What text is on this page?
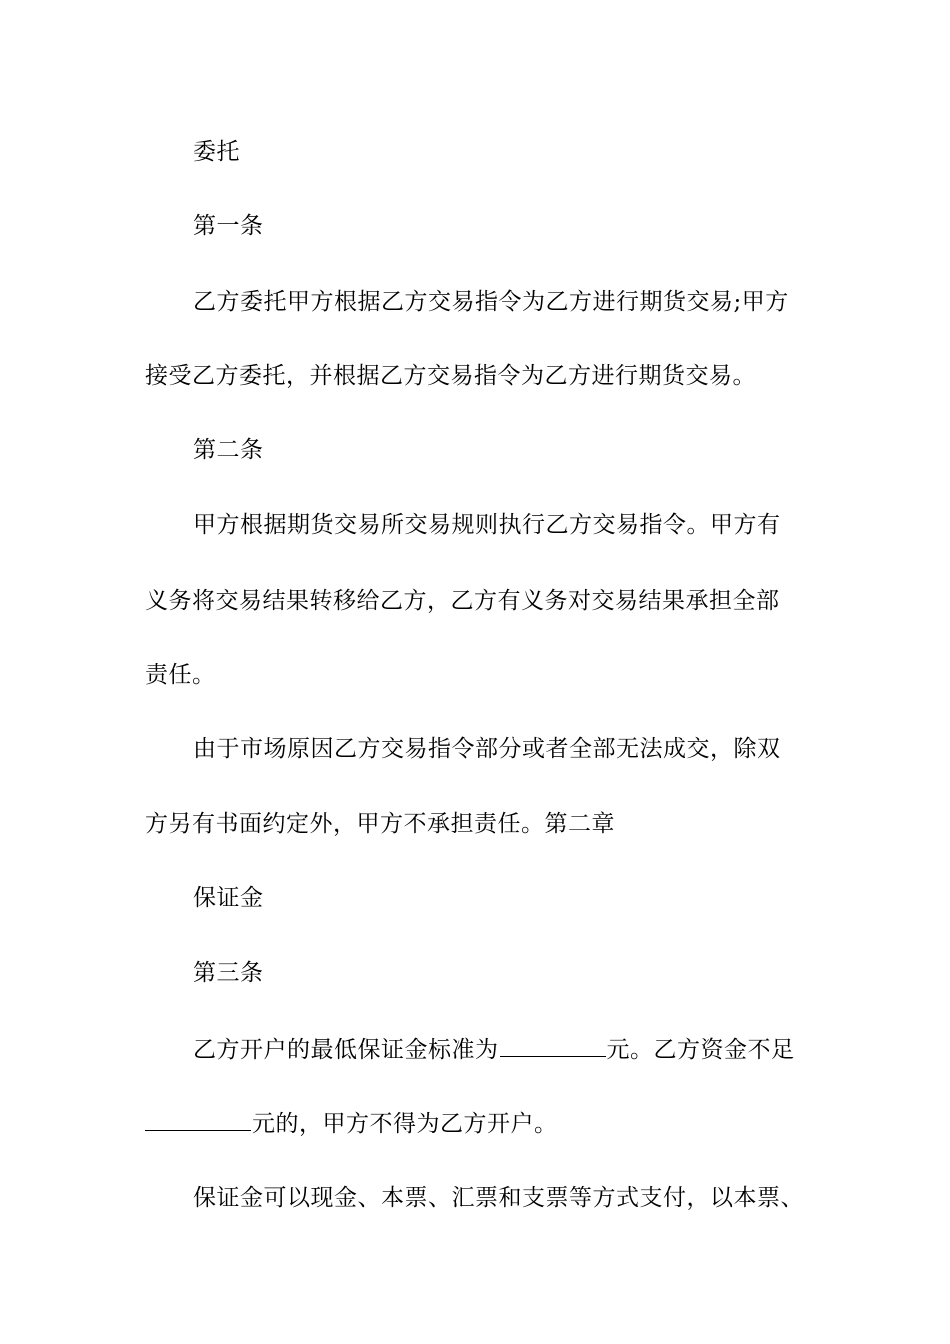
委托
第一条
乙方委托甲方根据乙方交易指令为乙方进行期货交易;甲方
接受乙方委托，并根据乙方交易指令为乙方进行期货交易。
第二条
甲方根据期货交易所交易规则执行乙方交易指令。甲方有
义务将交易结果转移给乙方，乙方有义务对交易结果承担全部
责任。
由于市场原因乙方交易指令部分或者全部无法成交，除双
方另有书面约定外，甲方不承担责任。第二章
保证金
第三条
乙方开户的最低保证金标准为	元。乙方资金不足
元的，甲方不得为乙方开户。
保证金可以现金、本票、汇票和支票等方式支付，以本票、
